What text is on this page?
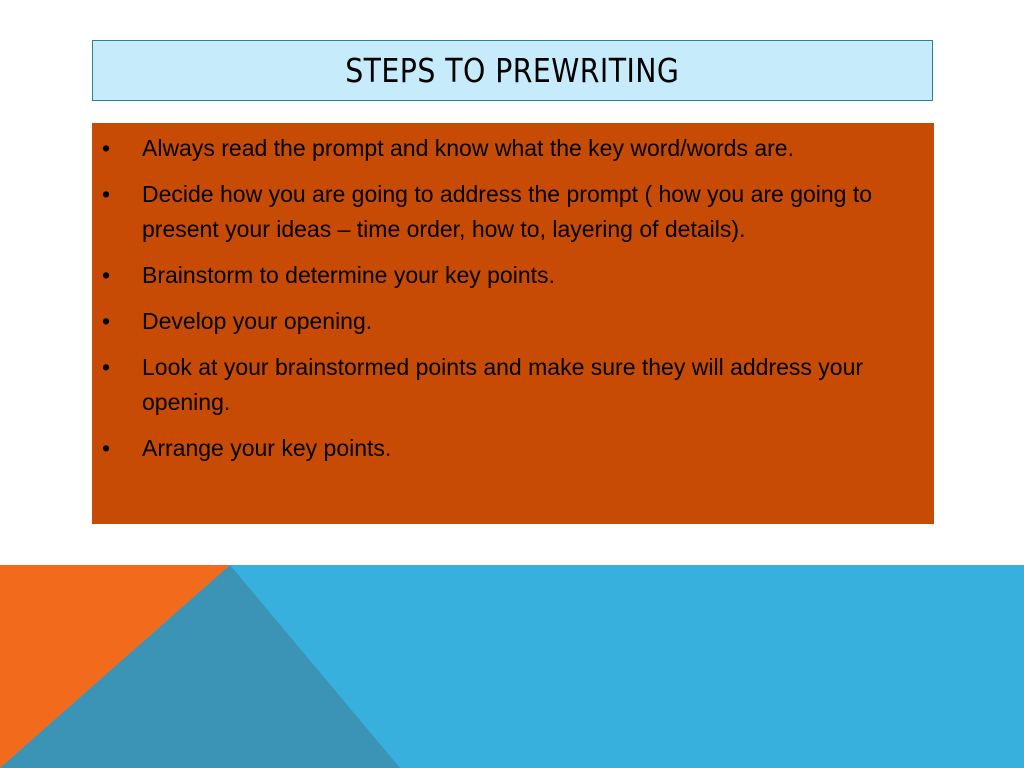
STEPS TO PREWRITING
•	Always read the prompt and know what the key word/words are.
•	Decide how you are going to address the prompt ( how you are going to present your ideas – time order, how to, layering of details).
•	Brainstorm to determine your key points.
•	Develop your opening.
•	Look at your brainstormed points and make sure they will address your opening.
•	Arrange your key points.
